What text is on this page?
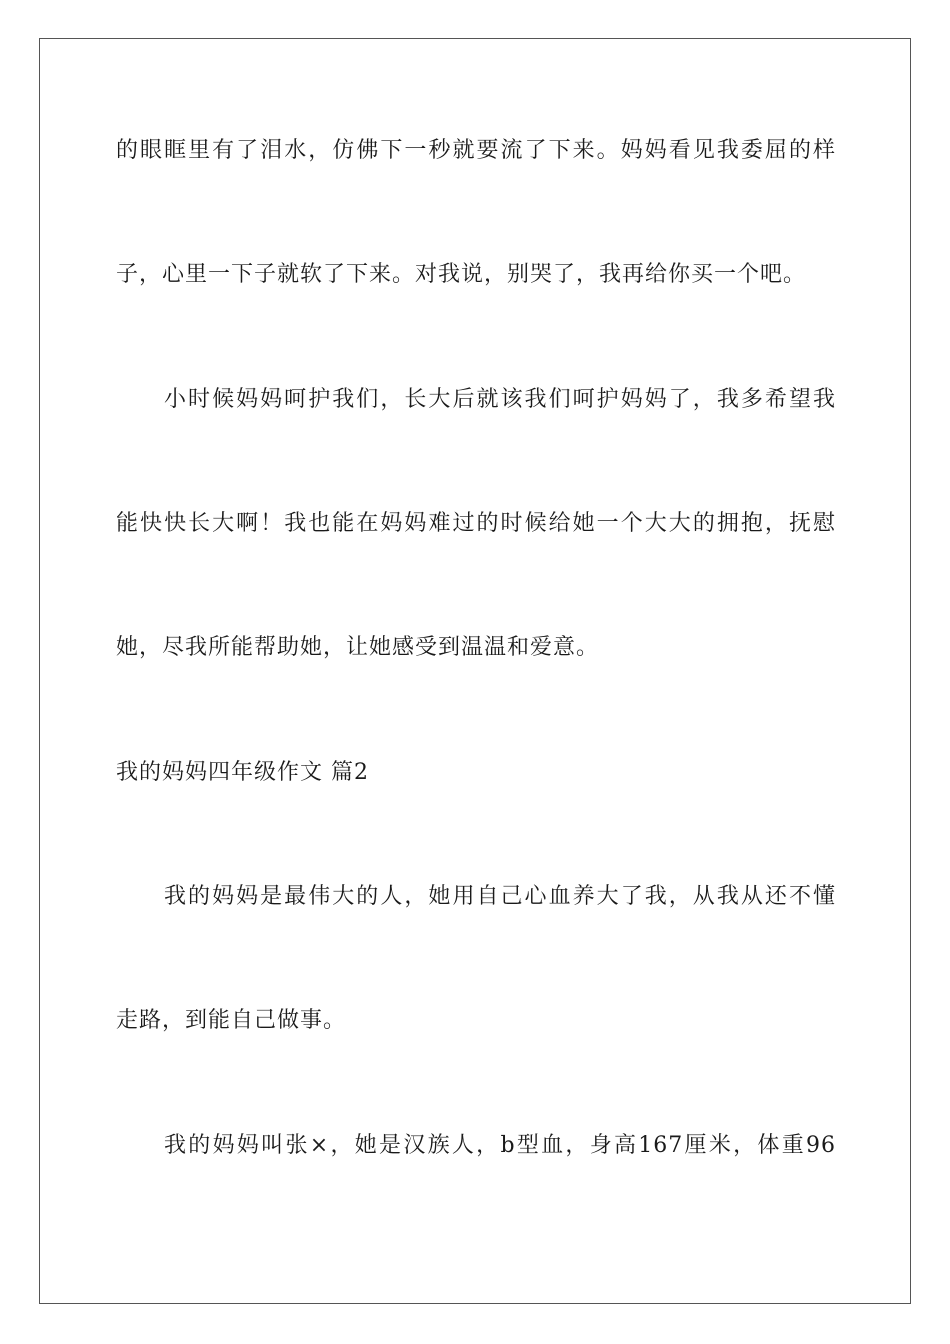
的眼眶里有了泪水，仿佛下一秒就要流了下来。妈妈看见我委屈的样
子，心里一下子就软了下来。对我说，别哭了，我再给你买一个吧。
小时候妈妈呵护我们，长大后就该我们呵护妈妈了，我多希望我
能快快长大啊！我也能在妈妈难过的时候给她一个大大的拥抱，抚慰
她，尽我所能帮助她，让她感受到温温和爱意。
我的妈妈四年级作文 篇2
我的妈妈是最伟大的人，她用自己心血养大了我，从我从还不懂
走路，到能自己做事。
我的妈妈叫张×，她是汉族人，b型血，身高167厘米，体重96
